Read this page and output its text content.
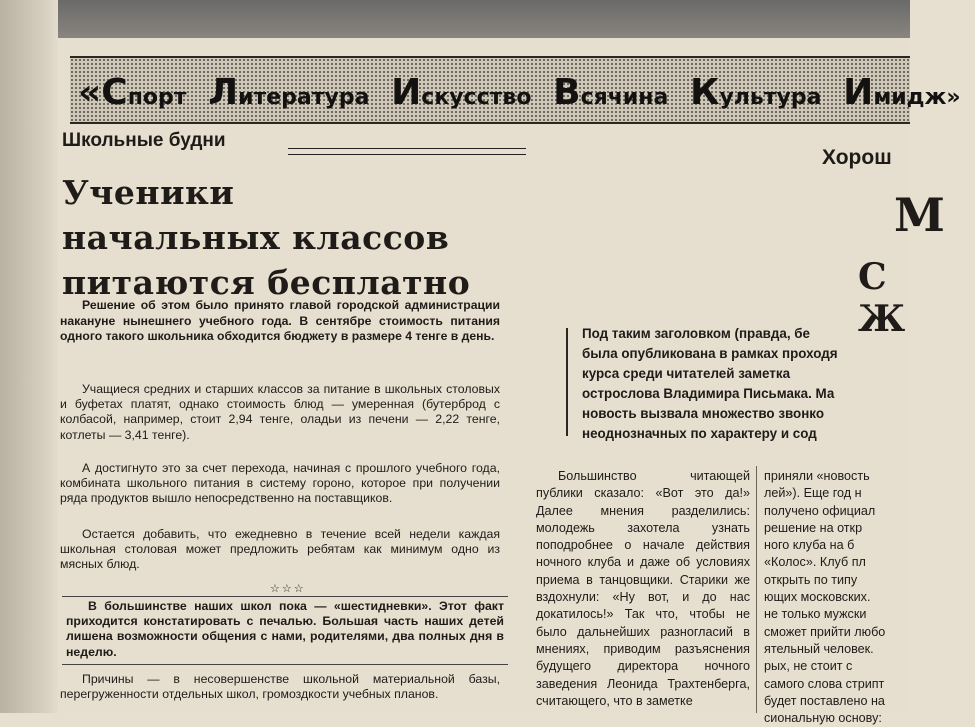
«Спорт Литература Искусство Всячина Культура Имидж»
Школьные будни
Ученики
начальных классов
питаются бесплатно
Решение об этом было принято главой городской администрации накануне нынешнего учебного года. В сентябре стоимость питания одного такого школьника обходится бюджету в размере 4 тенге в день.
Учащиеся средних и старших классов за питание в школьных столовых и буфетах платят, однако стоимость блюд — умеренная (бутерброд с колбасой, например, стоит 2,94 тенге, оладьи из печени — 2,22 тенге, котлеты — 3,41 тенге).
А достигнуто это за счет перехода, начиная с прошлого учебного года, комбината школьного питания в систему гороно, которое при получении ряда продуктов вышло непосредственно на поставщиков.
Остается добавить, что ежедневно в течение всей недели каждая школьная столовая может предложить ребятам как минимум одно из мясных блюд.
☆☆☆
В большинстве наших школ пока — «шестидневки». Этот факт приходится констатировать с печалью. Большая часть наших детей лишена возможности общения с нами, родителями, два полных дня в неделю.
Причины — в несовершенстве школьной материальной базы, перегруженности отдельных школ, громоздкости учебных планов.
Хорош
М
С Ж
Под таким заголовком (правда, бе
была опубликована в рамках проходя
курса среди читателей заметка
острослова Владимира Письмака. Ма
новость вызвала множество звонко
неоднозначных по характеру и сод
Большинство читающей публики сказало: «Вот это да!» Далее мнения разделились: молодежь захотела узнать поподробнее о начале действия ночного клуба и даже об условиях приема в танцовщики. Старики же вздохнули: «Ну вот, и до нас докатилось!» Так что, чтобы не было дальнейших разногласий в мнениях, приводим разъяснения будущего директора ночного заведения Леонида Трахтенберга, считающего, что в заметке
приняли «новость
лей»). Еще год н
получено официал
решение на откр
ного клуба на б
«Колос». Клуб пл
открыть по типу
ющих московских.
не только мужски
сможет прийти любо
ятельный человек.
рых, не стоит с
самого слова стрипт
будет поставлено на
сиональную основу:
